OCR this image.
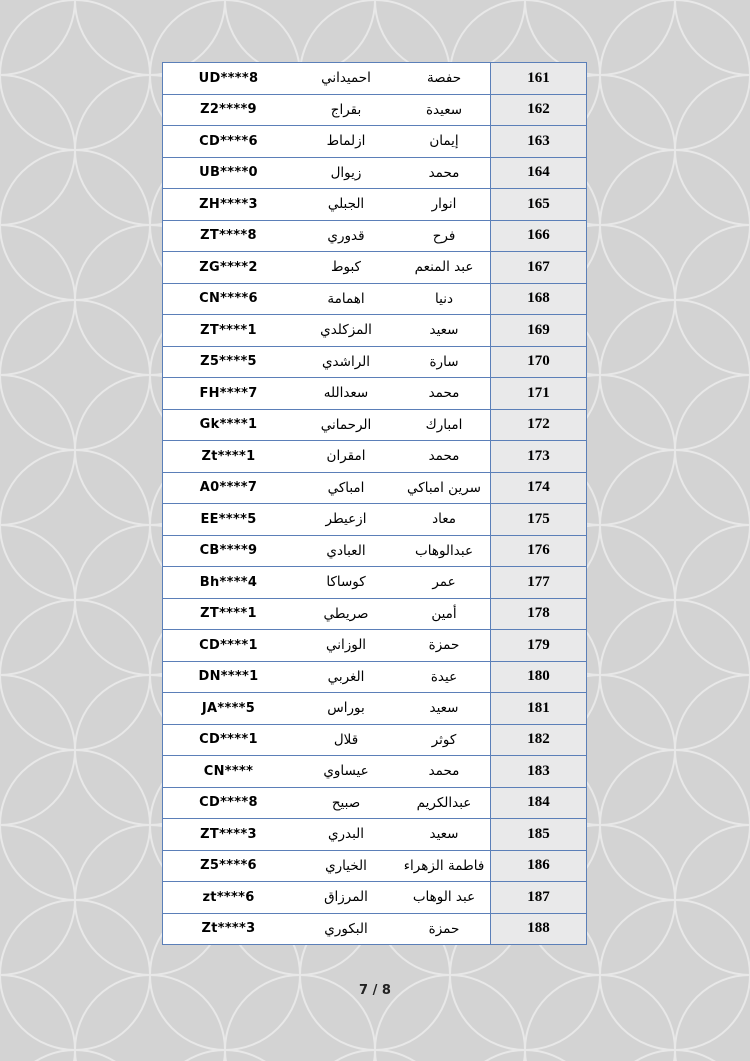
UD****8	احميداني	حفصة	161
Z2****9	بقراج	سعيدة	162
CD****6	ازلماط	إيمان	163
UB****0	زيوال	محمد	164
ZH****3	الجبلي	انوار	165
ZT****8	قدوري	فرح	166
ZG****2	كبوط	عبد المنعم	167
CN****6	اهمامة	دنيا	168
ZT****1	المزكلدي	سعيد	169
Z5****5	الراشدي	سارة	170
FH****7	سعدالله	محمد	171
Gk****1	الرحماني	امبارك	172
Zt****1	امقران	محمد	173
A0****7	امباكي	سرين امباكي	174
EE****5	ازعيطر	معاد	175
CB****9	العبادي	عبدالوهاب	176
Bh****4	كوساكا	عمر	177
ZT****1	صريطي	أمين	178
CD****1	الوزاني	حمزة	179
DN****1	الغربي	عيدة	180
JA****5	بوراس	سعيد	181
CD****1	قلال	كوثر	182
CN****	عيساوي	محمد	183
CD****8	صبيح	عبدالكريم	184
ZT****3	البدري	سعيد	185
Z5****6	الخياري	فاطمة الزهراء	186
zt****6	المرزاق	عبد الوهاب	187
Zt****3	البكوري	حمزة	188
7 / 8
